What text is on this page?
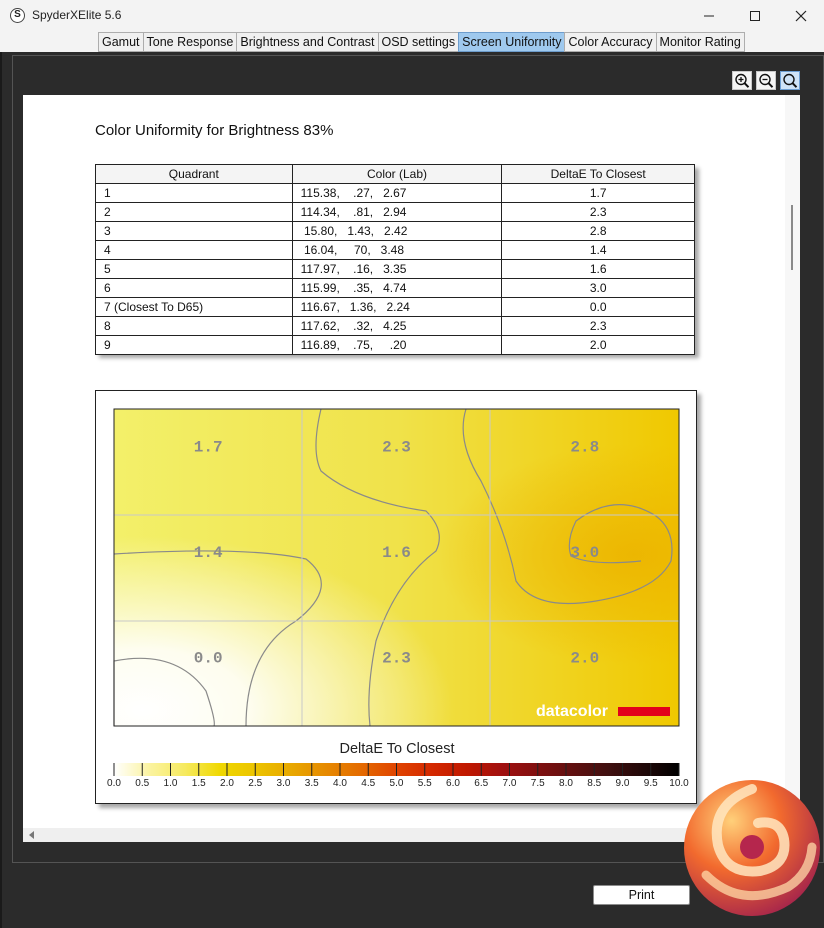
S SpyderXElite 5.6
Gamut Tone Response Brightness and Contrast OSD settings Screen Uniformity Color Accuracy Monitor Rating
Color Uniformity for Brightness 83%
Quadrant	Color (Lab)	DeltaE To Closest
1	115.38,    .27,   2.67	1.7
2	114.34,    .81,   2.94	2.3
3	15.80,   1.43,   2.42	2.8
4	16.04,     70,   3.48	1.4
5	117.97,    .16,   3.35	1.6
6	115.99,    .35,   4.74	3.0
7 (Closest To D65)	116.67,   1.36,   2.24	0.0
8	117.62,    .32,   4.25	2.3
9	116.89,    .75,     .20	2.0
1.7	2.3	2.8
1.4	1.6	3.0
0.0	2.3	2.0
datacolor
DeltaE To Closest
0.0	0.5	1.0	1.5	2.0	2.5	3.0	3.5	4.0	4.5	5.0	5.5	6.0	6.5	7.0	7.5	8.0	8.5	9.0	9.5	10.0
Print
